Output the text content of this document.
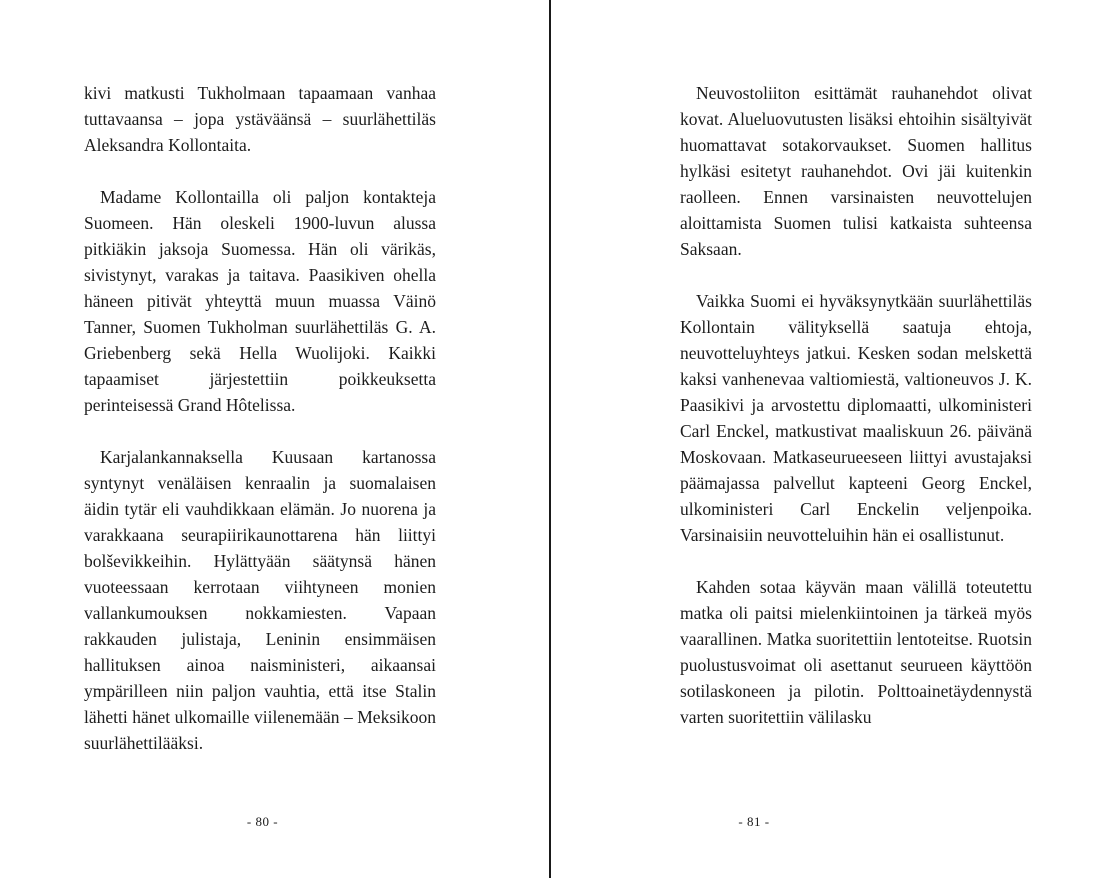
kivi matkusti Tukholmaan tapaamaan vanhaa tuttavaansa – jopa ystäväänsä – suurlähettiläs Aleksandra Kollontaita.

Madame Kollontailla oli paljon kontakteja Suomeen. Hän oleskeli 1900-luvun alussa pitkiäkin jaksoja Suomessa. Hän oli värikäs, sivistynyt, varakas ja taitava. Paasikiven ohella häneen pitivät yhteyttä muun muassa Väinö Tanner, Suomen Tukholman suurlähettiläs G. A. Griebenberg sekä Hella Wuolijoki. Kaikki tapaamiset järjestettiin poikkeuksetta perinteisessä Grand Hôtelissa.

Karjalankannaksella Kuusaan kartanossa syntynyt venäläisen kenraalin ja suomalaisen äidin tytär eli vauhdikkaan elämän. Jo nuorena ja varakkaana seurapiirikaunottarena hän liittyi bolševikkeihin. Hylättyään säätynsä hänen vuoteessaan kerrotaan viihtyneen monien vallankumouksen nokkamiesten. Vapaan rakkauden julistaja, Leninin ensimmäisen hallituksen ainoa naisministeri, aikaansai ympärilleen niin paljon vauhtia, että itse Stalin lähetti hänet ulkomaille viilenemään – Meksikoon suurlähettilääksi.

- 80 -

Neuvostoliiton esittämät rauhanehdot olivat kovat. Alueluovutusten lisäksi ehtoihin sisältyivät huomattavat sotakorvaukset. Suomen hallitus hylkäsi esitetyt rauhanehdot. Ovi jäi kuitenkin raolleen. Ennen varsinaisten neuvottelujen aloittamista Suomen tulisi katkaista suhteensa Saksaan.

Vaikka Suomi ei hyväksynytkään suurlähettiläs Kollontain välityksellä saatuja ehtoja, neuvotteluyhteys jatkui. Kesken sodan melskettä kaksi vanhenevaa valtiomiestä, valtioneuvos J. K. Paasikivi ja arvostettu diplomaatti, ulkoministeri Carl Enckel, matkustivat maaliskuun 26. päivänä Moskovaan. Matkaseurueeseen liittyi avustajaksi päämajassa palvellut kapteeni Georg Enckel, ulkoministeri Carl Enckelin veljenpoika. Varsinaisiin neuvotteluihin hän ei osallistunut.

Kahden sotaa käyvän maan välillä toteutettu matka oli paitsi mielenkiintoinen ja tärkeä myös vaarallinen. Matka suoritettiin lentoteitse. Ruotsin puolustusvoimat oli asettanut seurueen käyttöön sotilaskoneen ja pilotin. Polttoainetäydennystä varten suoritettiin välilasku

- 81 -
